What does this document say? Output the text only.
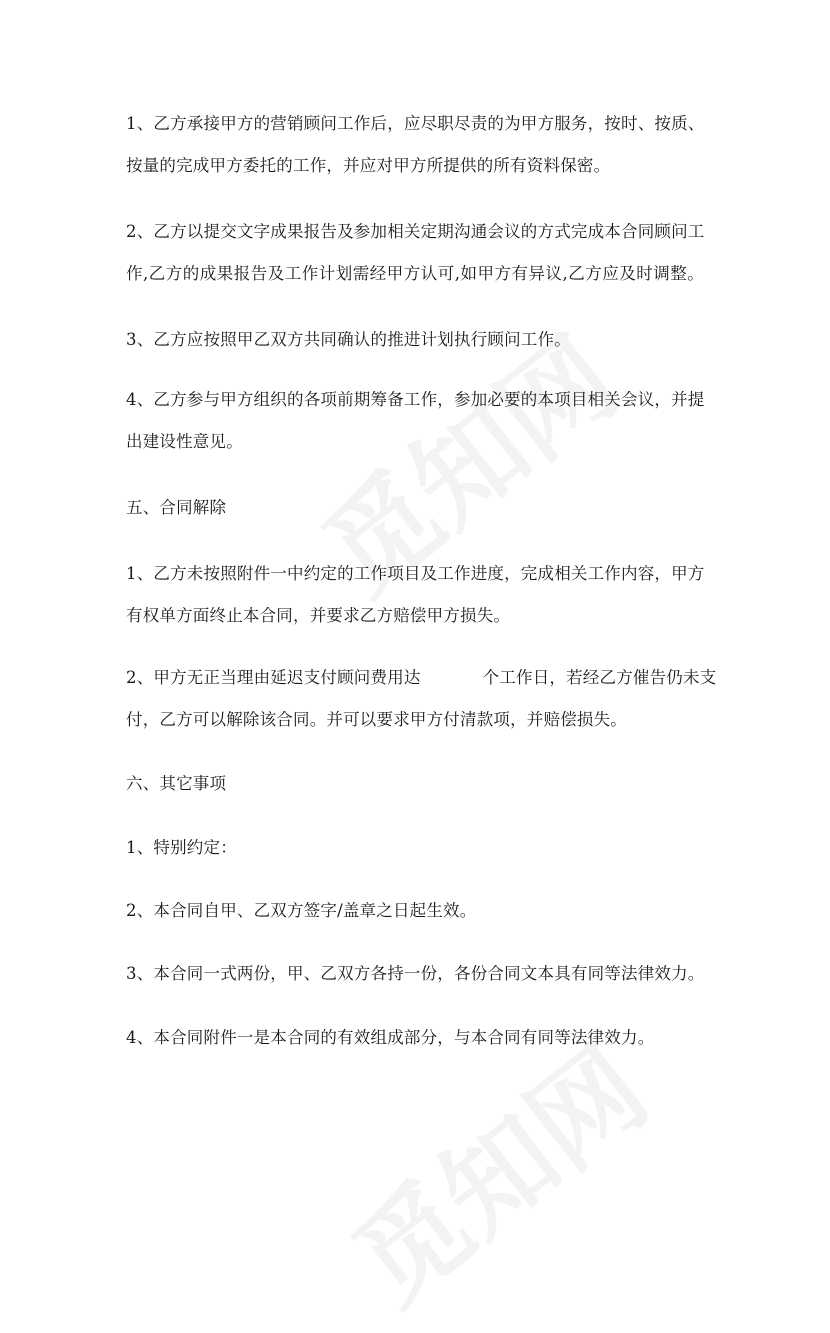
1、乙方承接甲方的营销顾问工作后，应尽职尽责的为甲方服务，按时、按质、
按量的完成甲方委托的工作，并应对甲方所提供的所有资料保密。
2、乙方以提交文字成果报告及参加相关定期沟通会议的方式完成本合同顾问工
作,乙方的成果报告及工作计划需经甲方认可,如甲方有异议,乙方应及时调整。
3、乙方应按照甲乙双方共同确认的推进计划执行顾问工作。
4、乙方参与甲方组织的各项前期筹备工作，参加必要的本项目相关会议，并提
出建设性意见。
五、合同解除
1、乙方未按照附件一中约定的工作项目及工作进度，完成相关工作内容，甲方
有权单方面终止本合同，并要求乙方赔偿甲方损失。
2、甲方无正当理由延迟支付顾问费用达	个工作日，若经乙方催告仍未支
付，乙方可以解除该合同。并可以要求甲方付清款项，并赔偿损失。
六、其它事项
1、特别约定：
2、本合同自甲、乙双方签字/盖章之日起生效。
3、本合同一式两份，甲、乙双方各持一份，各份合同文本具有同等法律效力。
4、本合同附件一是本合同的有效组成部分，与本合同有同等法律效力。
